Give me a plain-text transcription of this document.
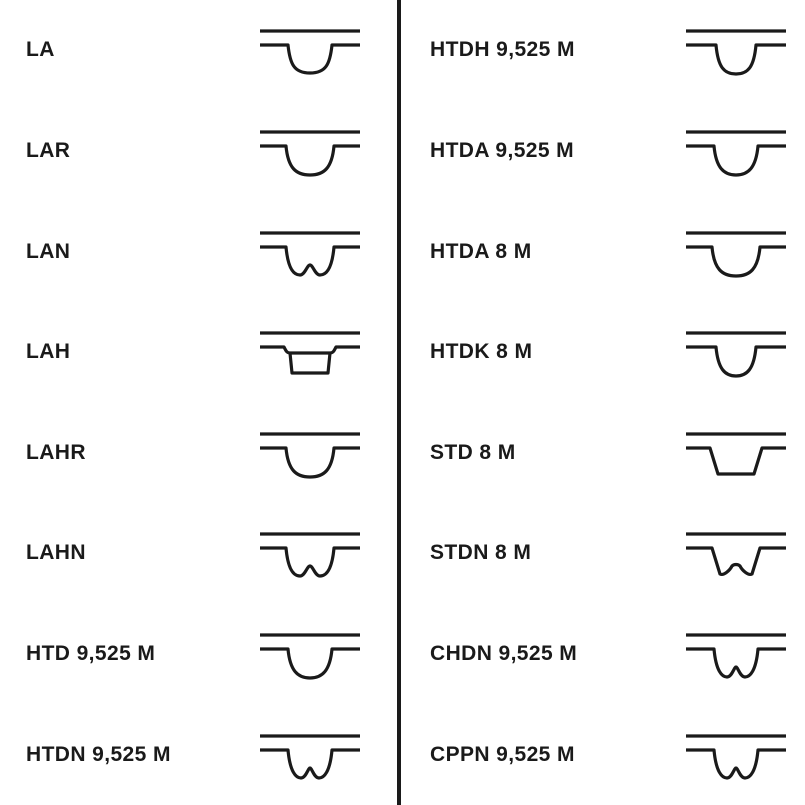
LA
LAR
LAN
LAH
LAHR
LAHN
HTD 9,525 M
HTDN 9,525 M
HTDH 9,525 M
HTDA 9,525 M
HTDA 8 M
HTDK 8 M
STD 8 M
STDN 8 M
CHDN 9,525 M
CPPN 9,525 M
